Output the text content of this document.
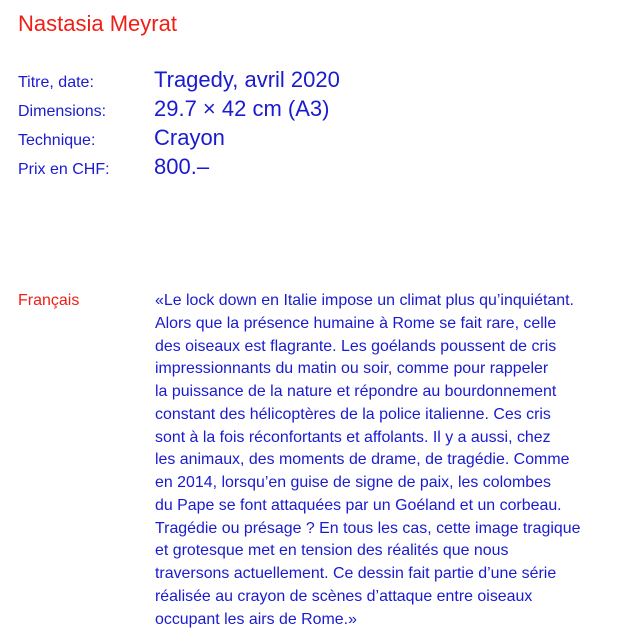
Nastasia Meyrat
Titre, date:	Tragedy, avril 2020
Dimensions:	29.7 × 42 cm (A3)
Technique:	Crayon
Prix en CHF:	800.–
Français	«Le lock down en Italie impose un climat plus qu’inquiétant.
Alors que la présence humaine à Rome se fait rare, celle
des oiseaux est flagrante. Les goélands poussent de cris
impressionnants du matin ou soir, comme pour rappeler
la puissance de la nature et répondre au bourdonnement
constant des hélicoptères de la police italienne. Ces cris
sont à la fois réconfortants et affolants. Il y a aussi, chez
les animaux, des moments de drame, de tragédie. Comme
en 2014, lorsqu’en guise de signe de paix, les colombes
du Pape se font attaquées par un Goéland et un corbeau.
Tragédie ou présage ? En tous les cas, cette image tragique
et grotesque met en tension des réalités que nous
traversons actuellement. Ce dessin fait partie d’une série
réalisée au crayon de scènes d’attaque entre oiseaux
occupant les airs de Rome.»
